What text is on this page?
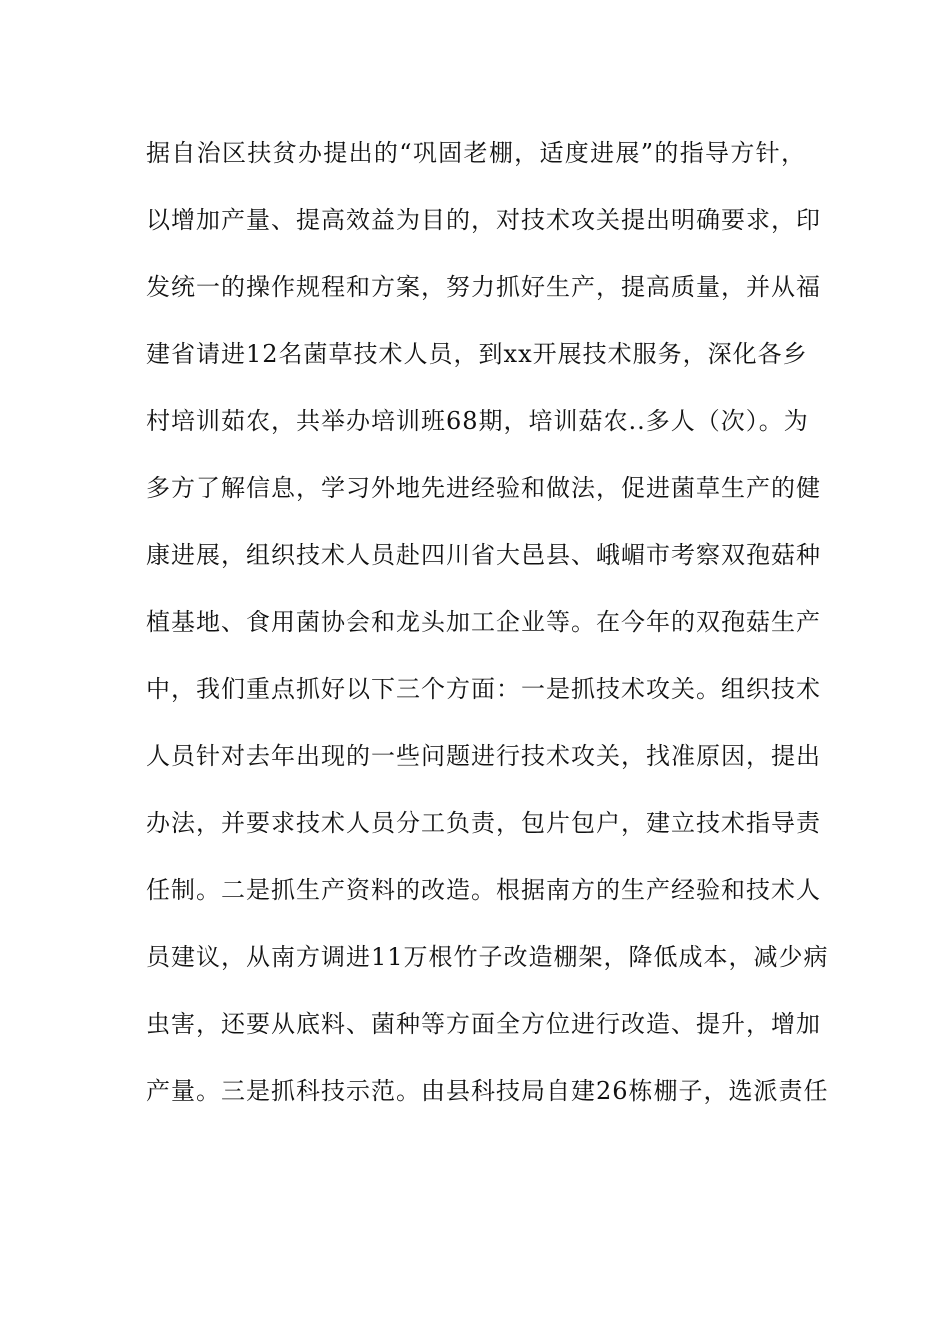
据自治区扶贫办提出的“巩固老棚，适度进展”的指导方针，
以增加产量、提高效益为目的，对技术攻关提出明确要求，印
发统一的操作规程和方案，努力抓好生产，提高质量，并从福
建省请进12名菌草技术人员，到xx开展技术服务，深化各乡
村培训茹农，共举办培训班68期，培训菇农..多人（次）。为
多方了解信息，学习外地先进经验和做法，促进菌草生产的健
康进展，组织技术人员赴四川省大邑县、峨嵋市考察双孢菇种
植基地、食用菌协会和龙头加工企业等。在今年的双孢菇生产
中，我们重点抓好以下三个方面：一是抓技术攻关。组织技术
人员针对去年出现的一些问题进行技术攻关，找准原因，提出
办法，并要求技术人员分工负责，包片包户，建立技术指导责
任制。二是抓生产资料的改造。根据南方的生产经验和技术人
员建议，从南方调进11万根竹子改造棚架，降低成本，减少病
虫害，还要从底料、菌种等方面全方位进行改造、提升，增加
产量。三是抓科技示范。由县科技局自建26栋棚子，选派责任
